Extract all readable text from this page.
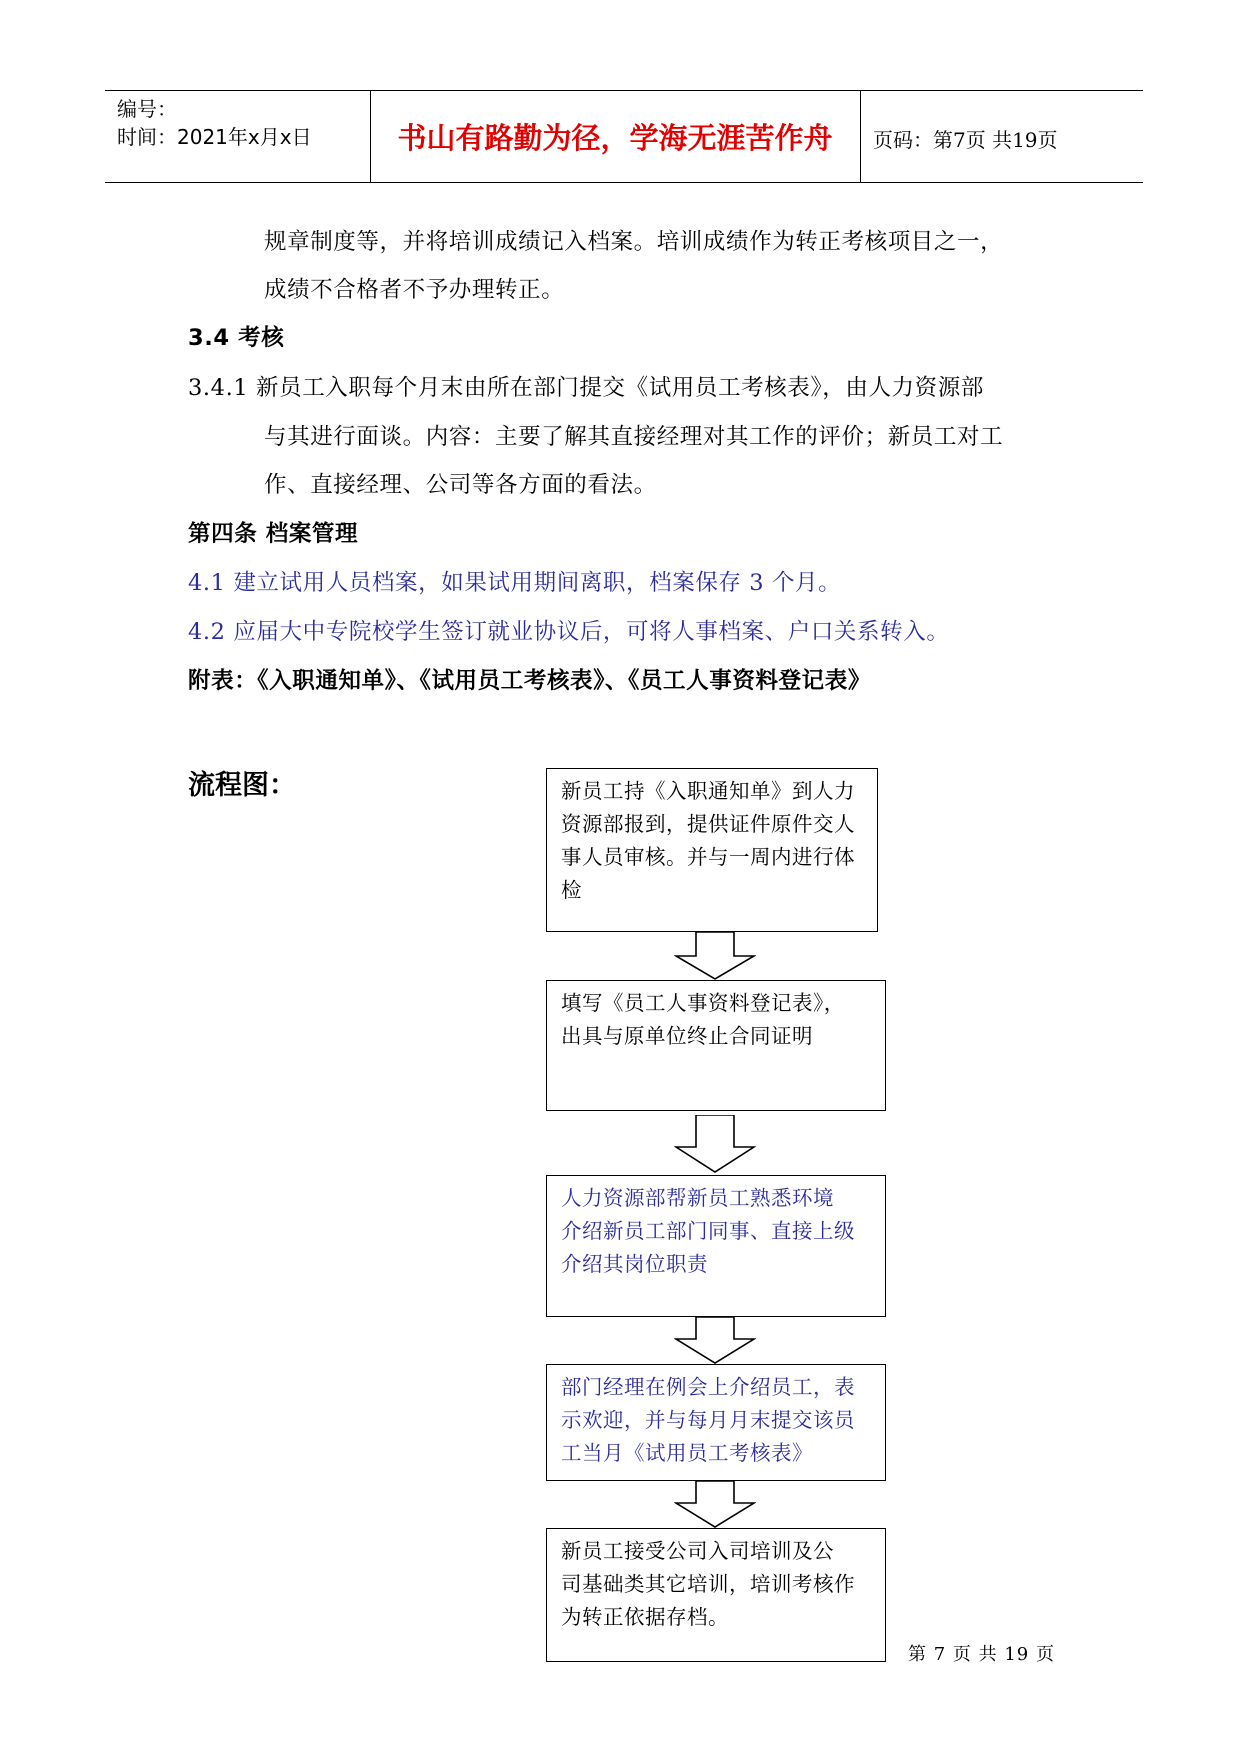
编号：
时间：2021年x月x日	书山有路勤为径，学海无涯苦作舟	页码：第7页 共19页
规章制度等，并将培训成绩记入档案。培训成绩作为转正考核项目之一，
成绩不合格者不予办理转正。
3.4 考核
3.4.1 新员工入职每个月末由所在部门提交《试用员工考核表》，由人力资源部
与其进行面谈。内容：主要了解其直接经理对其工作的评价；新员工对工
作、直接经理、公司等各方面的看法。
第四条 档案管理
4.1 建立试用人员档案，如果试用期间离职，档案保存 3 个月。
4.2 应届大中专院校学生签订就业协议后，可将人事档案、户口关系转入。
附表：《入职通知单》、《试用员工考核表》、《员工人事资料登记表》
流程图：	新员工持《入职通知单》到人力

资源部报到，提供证件原件交人

事人员审核。并与一周内进行体

检

填写《员工人事资料登记表》，

出具与原单位终止合同证明

人力资源部帮新员工熟悉环境

介绍新员工部门同事、直接上级

介绍其岗位职责

部门经理在例会上介绍员工，表

示欢迎，并与每月月末提交该员

工当月《试用员工考核表》

新员工接受公司入司培训及公

司基础类其它培训，培训考核作

为转正依据存档。

第 7 页 共 19 页
